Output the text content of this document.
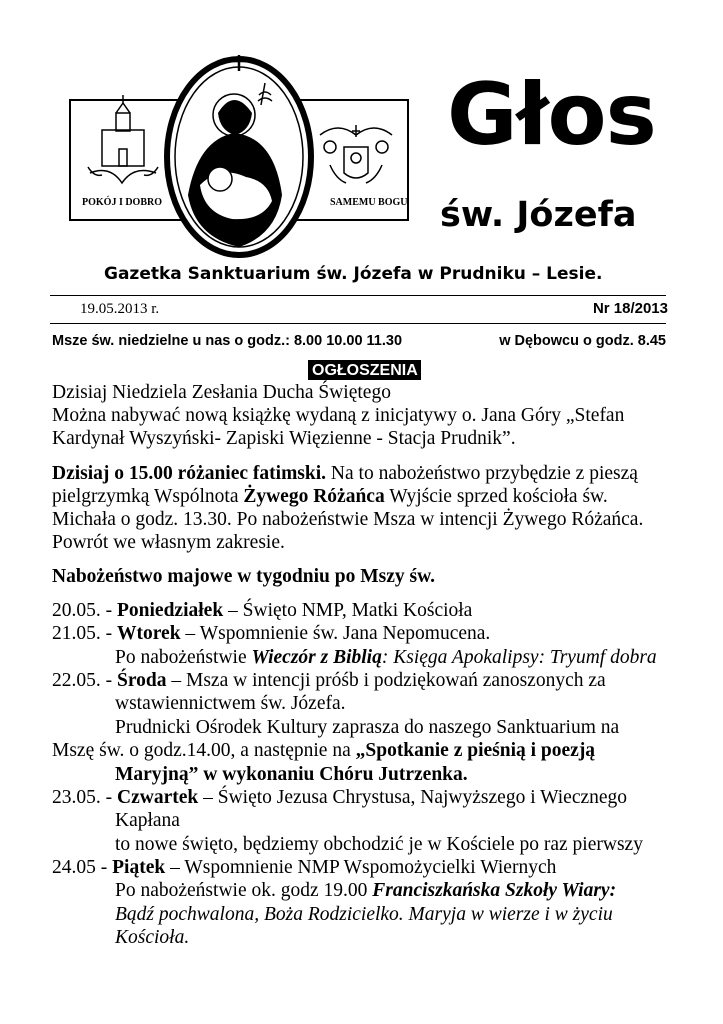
POKÓJ I DOBRO	SAMEMU BOGU
Głos
św. Józefa
Gazetka Sanktuarium św. Józefa w Prudniku – Lesie.
19.05.2013 r.	Nr 18/2013
Msze św. niedzielne u nas o godz.: 8.00 10.00 11.30	w Dębowcu o godz. 8.45
OGŁOSZENIA
Dzisiaj Niedziela Zesłania Ducha Świętego
Można nabywać nową książkę wydaną z inicjatywy o. Jana Góry „Stefan
Kardynał Wyszyński- Zapiski Więzienne - Stacja Prudnik”.
Dzisiaj o 15.00 różaniec fatimski. Na to nabożeństwo przybędzie z pieszą
pielgrzymką Wspólnota Żywego Różańca Wyjście sprzed kościoła św.
Michała o godz. 13.30. Po nabożeństwie Msza w intencji Żywego Różańca.
Powrót we własnym zakresie.
Nabożeństwo majowe w tygodniu po Mszy św.
20.05. - Poniedziałek – Święto NMP, Matki Kościoła
21.05. - Wtorek – Wspomnienie św. Jana Nepomucena.
Po nabożeństwie Wieczór z Biblią: Księga Apokalipsy: Tryumf dobra
22.05. - Środa – Msza w intencji próśb i podziękowań zanoszonych za
wstawiennictwem św. Józefa.
Prudnicki Ośrodek Kultury zaprasza do naszego Sanktuarium na
Mszę św. o godz.14.00, a następnie na „Spotkanie z pieśnią i poezją
Maryjną” w wykonaniu Chóru Jutrzenka.
23.05. - Czwartek – Święto Jezusa Chrystusa, Najwyższego i Wiecznego
Kapłana
to nowe święto, będziemy obchodzić je w Kościele po raz pierwszy
24.05 - Piątek – Wspomnienie NMP Wspomożycielki Wiernych
Po nabożeństwie ok. godz 19.00 Franciszkańska Szkoły Wiary:
Bądź pochwalona, Boża Rodzicielko. Maryja w wierze i w życiu
Kościoła.
